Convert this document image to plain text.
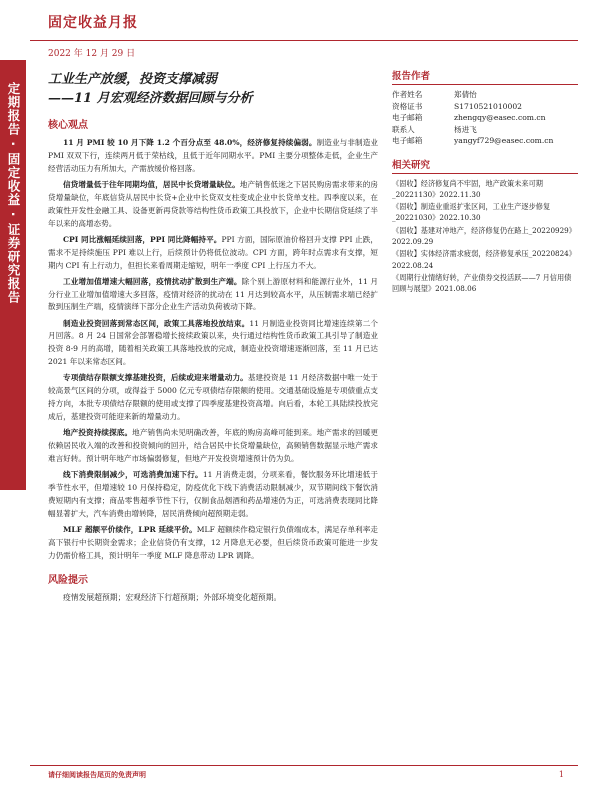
固定收益月报
2022 年 12 月 29 日
定期报告 · 固定收益 · 证券研究报告
工业生产放缓，投资支撑减弱
——11 月宏观经济数据回顾与分析
核心观点
11 月 PMI 较 10 月下降 1.2 个百分点至 48.0%，经济修复持续偏弱。制造业与非制造业 PMI 双双下行，连续两月低于荣枯线，且低于近年同期水平。PMI 主要分项整体走低，企业生产经营活动压力有所加大，产需放缓价格回落。
信贷增量低于往年同期均值，居民中长贷增量缺位。地产销售低迷之下居民购房需求带来的房贷增量缺位，年底信贷从居民中长贷+企业中长贷双支柱变成企业中长贷单支柱。四季度以来，在政策性开发性金融工具、设备更新再贷款等结构性货币政策工具投放下，企业中长期信贷延续了半年以来的高增态势。
CPI 同比涨幅延续回落，PPI 同比降幅持平。PPI 方面，国际原油价格回升支撑 PPI 止跌，需求不足持续施压 PPI 难以上行，后续预计仍将低位波动。CPI 方面，跨年时点需求有支撑，短期内 CPI 有上行动力，但担长来看周期走缩短，明年一季度 CPI 上行压力不大。
工业增加值增速大幅回落，疫情扰动扩散到生产端。除个别上游原材料和能源行业外，11 月分行业工业增加值增速大多回落，疫情对经济的扰动在 11 月达到较高水平，从压制需求端已经扩散到压制生产端，疫情演绎下部分企业生产活动负荷被动下降。
制造业投资回落到常态区间，政策工具落地投放结束。11 月制造业投资同比增速连续第二个月回落。8 月 24 日国常会部署稳增长接续政策以来，央行通过结构性货币政策工具引导了制造业投资 8-9 月的高增，随着相关政策工具落地投放的完成，制造业投资增速逐渐回落，至 11 月已达 2021 年以来常态区间。
专项债结存限额支撑基建投资，后续或迎来增量动力。基建投资是 11 月经济数据中唯一处于较高景气区间的分项，或得益于 5000 亿元专项债结存限额的使用。交通基础设施是专项债重点支持方向，本批专项债结存限额的使用或支撑了四季度基建投资高增。向后看，本轮工具陆续投放完成后，基建投资可能迎来新的增量动力。
地产投资持续探底。地产销售尚未见明确改善，年底的购房高峰可能到来。地产需求的回暖更依赖居民收入端的改善和投资倾向的回升，结合居民中长贷增量缺位，高频销售数据显示地产需求难言好转。预计明年地产市场偏弱修复，但地产开发投资增速预计仍为负。
线下消费限制减少，可选消费加速下行。11 月消费走弱，分项来看，餐饮服务环比增速低于季节性水平，但增速较 10 月保持稳定，防疫优化下线下消费活动限制减少，双节期间线下餐饮消费短期内有支撑；商品零售超季节性下行，仅制食品烟酒和药品增速仍为正，可选消费表现同比降幅显著扩大，汽车消费由增转降，居民消费倾向超预期走弱。
MLF 超额平价续作，LPR 延续平价。MLF 超额续作稳定银行负债端成本，满足存单利率走高下银行中长期资金需求；企业信贷仍有支撑，12 月降息无必要，但后续货币政策可能进一步发力仍需价格工具，预计明年一季度 MLF 降息带动 LPR 调降。
风险提示
疫情发展超预期；宏观经济下行超预期；外部环境变化超预期。
报告作者
作者姓名	郑倩怡
资格证书	S1710521010002
电子邮箱	zhengqy@easec.com.cn
联系人	杨进飞
电子邮箱	yangyf729@easec.com.cn
相关研究
《固收】经济修复尚不牢固，地产政策未来可期_20221130》2022.11.30
《固收】制造业重返扩张区间，工业生产逐步修复_20221030》2022.10.30
《固收】基建对冲地产，经济修复仍在路上_20220929》2022.09.29
《固收】实体经济需求疲弱，经济修复承压_20220824》2022.08.24
《周期行业情绪好转，产业债券交投活跃——7 月信用债回顾与展望》2021.08.06
请仔细阅读报告尾页的免责声明	1
